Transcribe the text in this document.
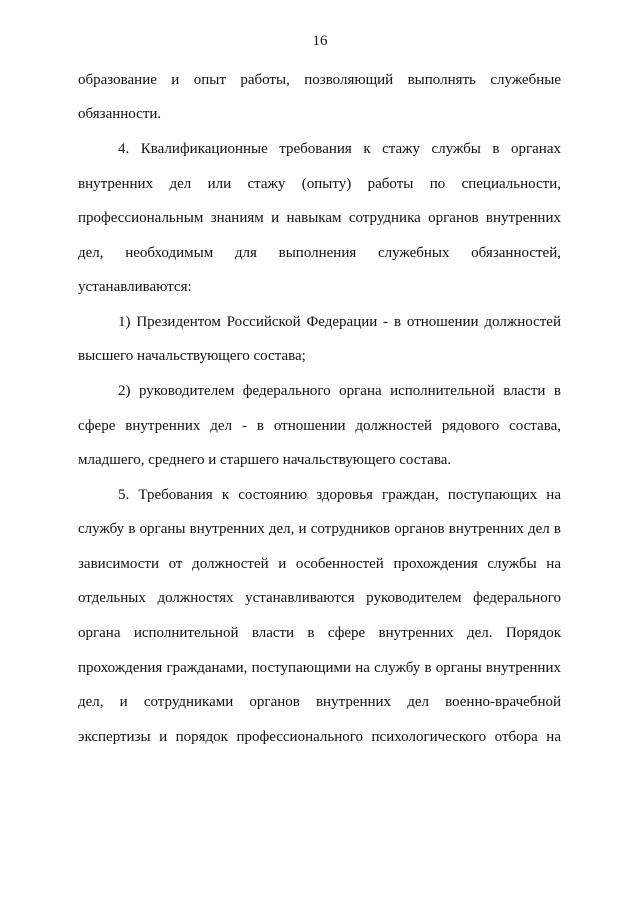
16
образование и опыт работы, позволяющий выполнять служебные
обязанности.
4. Квалификационные требования к стажу службы в органах
внутренних дел или стажу (опыту) работы по специальности,
профессиональным знаниям и навыкам сотрудника органов внутренних
дел, необходимым для выполнения служебных обязанностей,
устанавливаются:
1) Президентом Российской Федерации - в отношении должностей
высшего начальствующего состава;
2) руководителем федерального органа исполнительной власти в
сфере внутренних дел - в отношении должностей рядового состава,
младшего, среднего и старшего начальствующего состава.
5. Требования к состоянию здоровья граждан, поступающих на
службу в органы внутренних дел, и сотрудников органов внутренних дел в
зависимости от должностей и особенностей прохождения службы на
отдельных должностях устанавливаются руководителем федерального
органа исполнительной власти в сфере внутренних дел. Порядок
прохождения гражданами, поступающими на службу в органы внутренних
дел, и сотрудниками органов внутренних дел военно-врачебной
экспертизы и порядок профессионального психологического отбора на
